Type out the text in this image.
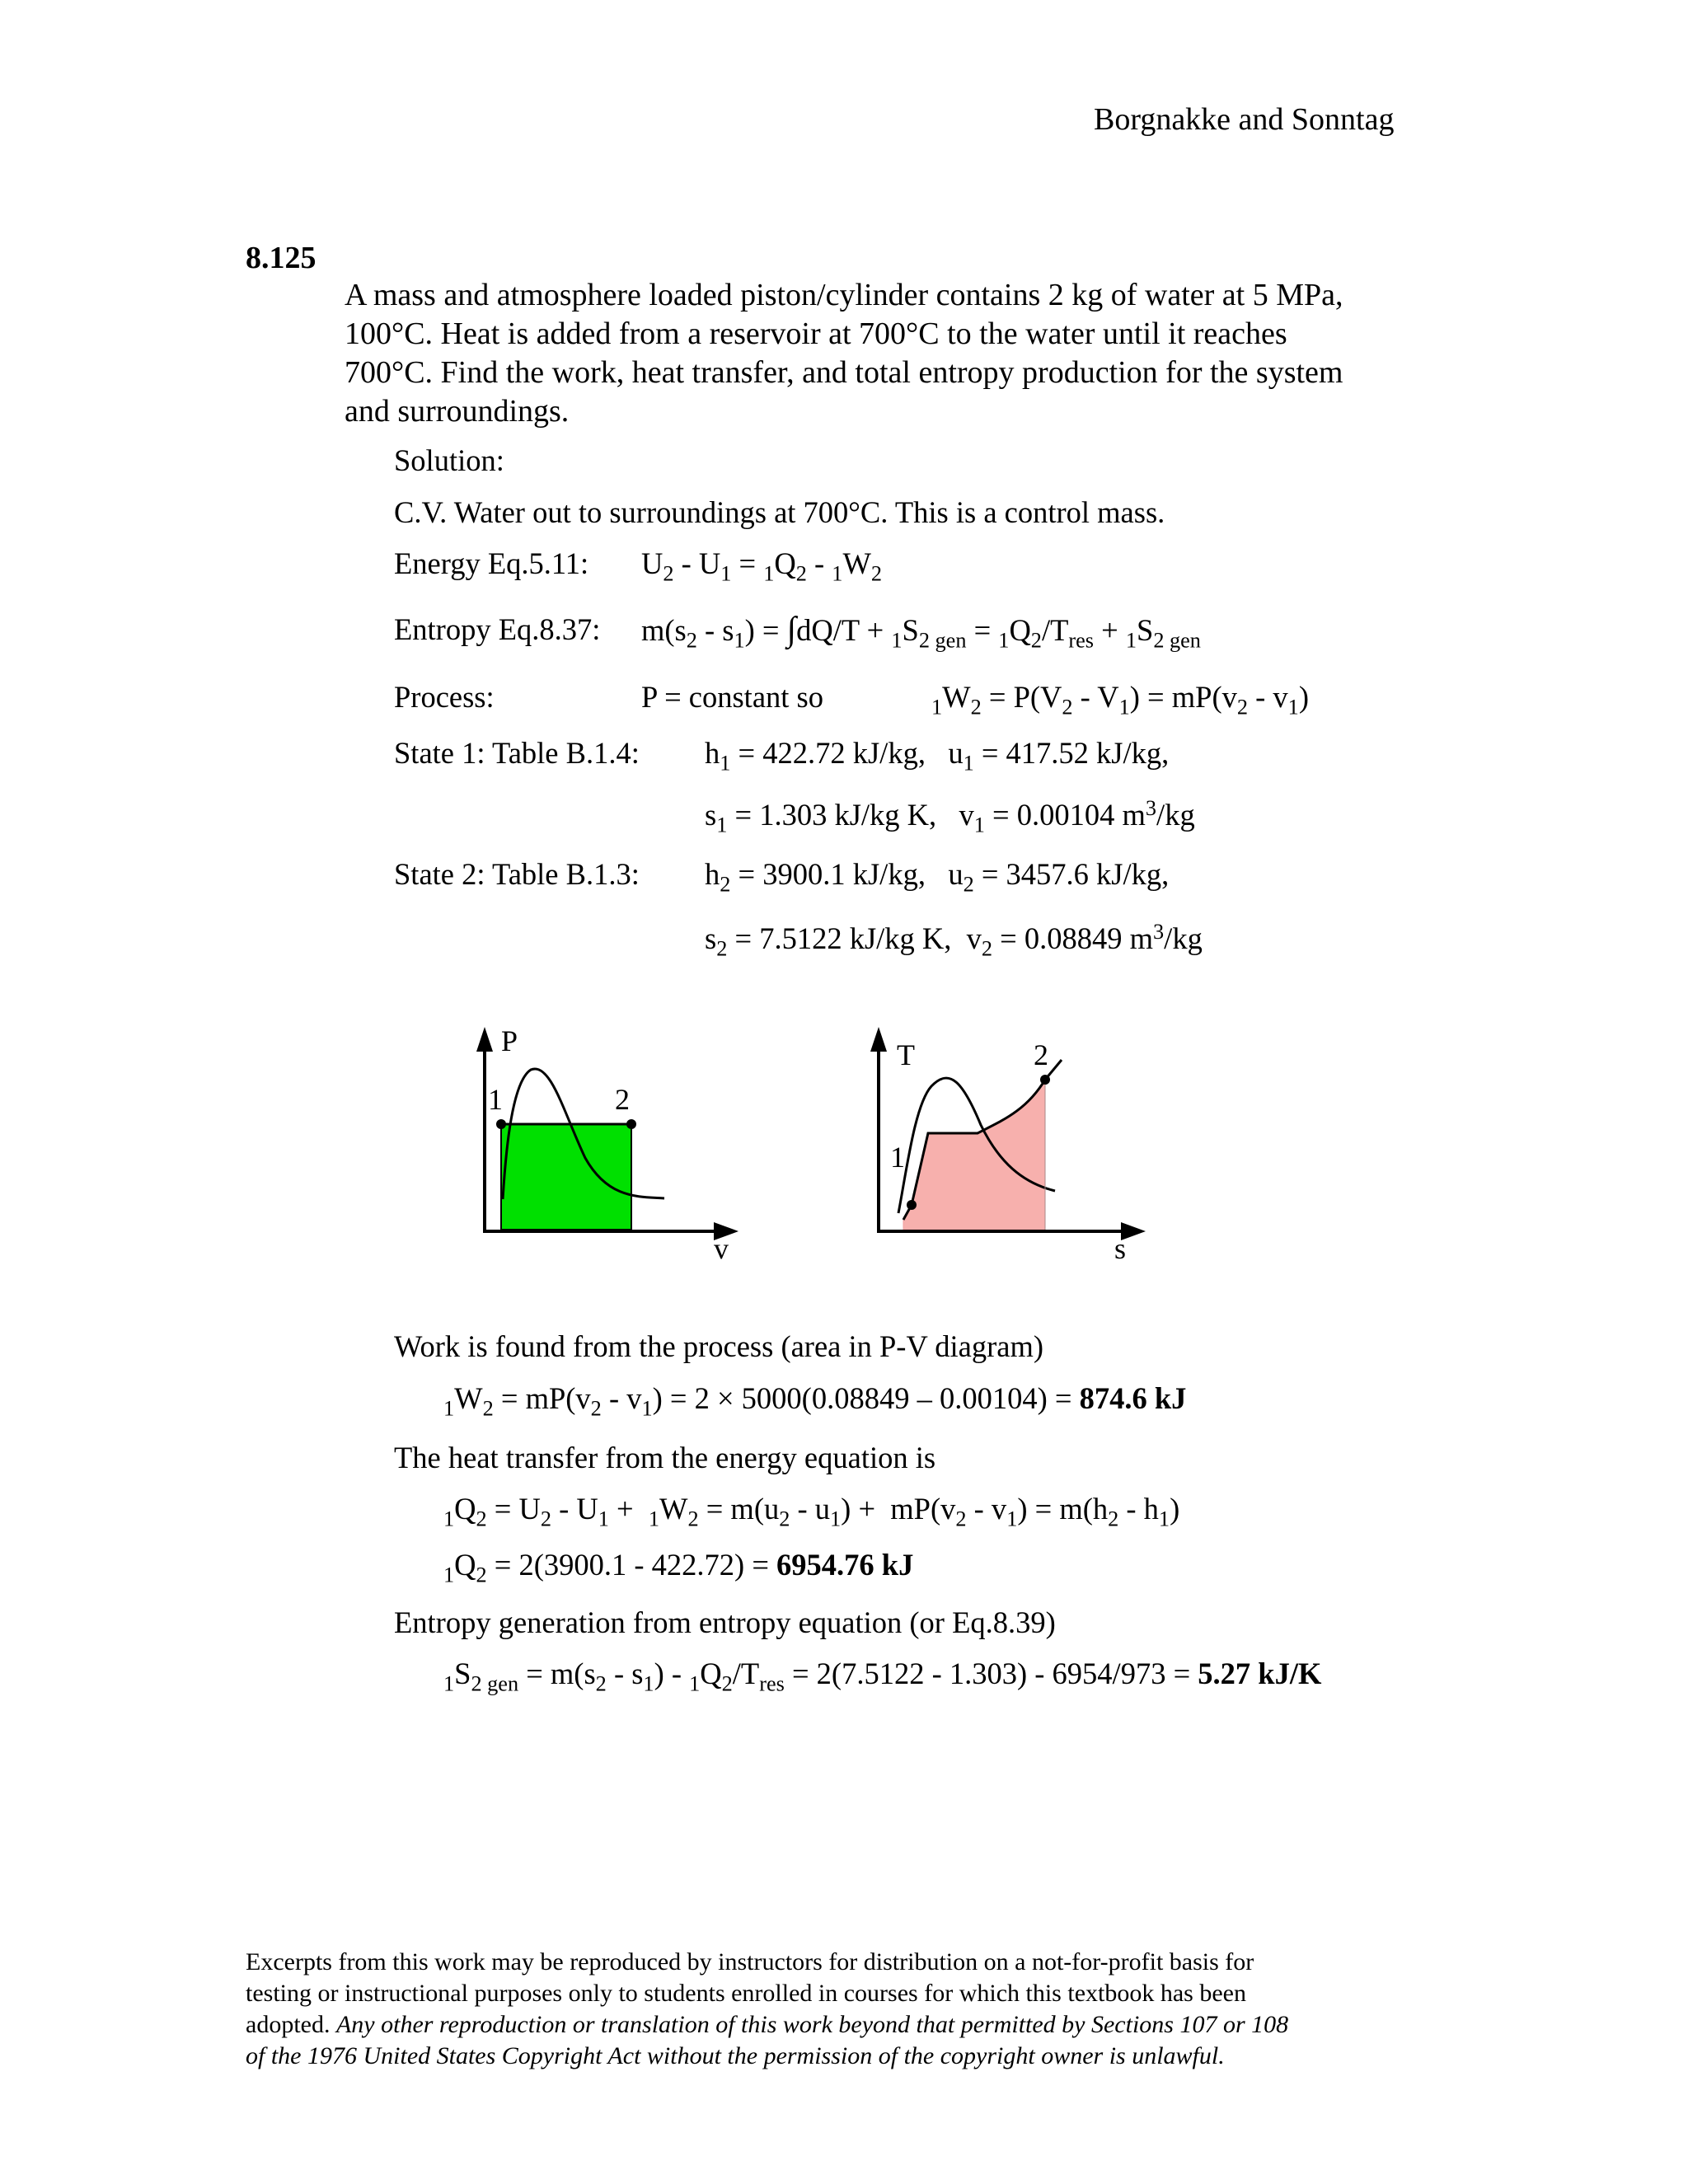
Borgnakke and Sonntag
8.125
A mass and atmosphere loaded piston/cylinder contains 2 kg of water at 5 MPa,
100°C. Heat is added from a reservoir at 700°C to the water until it reaches
700°C. Find the work, heat transfer, and total entropy production for the system
and surroundings.
Solution:
C.V. Water out to surroundings at 700°C. This is a control mass.
Energy Eq.5.11: $U_2 - U_1 = _1Q_2 - _1W_2$
Entropy Eq.8.37: $m(s_2 - s_1) = \int dQ/T + _1S_{2 gen} = _1Q_2/T_{res} + _1S_{2 gen}$
Process:	P = constant so	$_1W_2 = P(V_2 - V_1) = mP(v_2 - v_1)$
State 1: Table B.1.4: $h_1 = 422.72$ kJ/kg,   $u_1 = 417.52$ kJ/kg,
$s_1 = 1.303$ kJ/kg K,   $v_1 = 0.00104$ $m^3/kg$
State 2: Table B.1.3: $h_2 = 3900.1$ kJ/kg,   $u_2 = 3457.6$ kJ/kg,
$s_2 = 7.5122$ kJ/kg K,  $v_2 = 0.08849$ $m^3/kg$
P
1	2
v
T
1
2
s
Work is found from the process (area in P-V diagram)
$_1W_2 = mP(v_2 - v_1) = 2 \times 5000(0.08849 - 0.00104) = 874.6$ kJ
The heat transfer from the energy equation is
$_1Q_2 = U_2 - U_1 + _1W_2 = m(u_2 - u_1) + mP(v_2 - v_1) = m(h_2 - h_1)$
$_1Q_2 = 2(3900.1 - 422.72) = 6954.76$ kJ
Entropy generation from entropy equation (or Eq.8.39)
$_1S_{2 gen} = m(s_2 - s_1) - _1Q_2/T_{res} = 2(7.5122 - 1.303) - 6954/973 = 5.27$ kJ/K
Excerpts from this work may be reproduced by instructors for distribution on a not-for-profit basis for
testing or instructional purposes only to students enrolled in courses for which this textbook has been
adopted. Any other reproduction or translation of this work beyond that permitted by Sections 107 or 108
of the 1976 United States Copyright Act without the permission of the copyright owner is unlawful.
